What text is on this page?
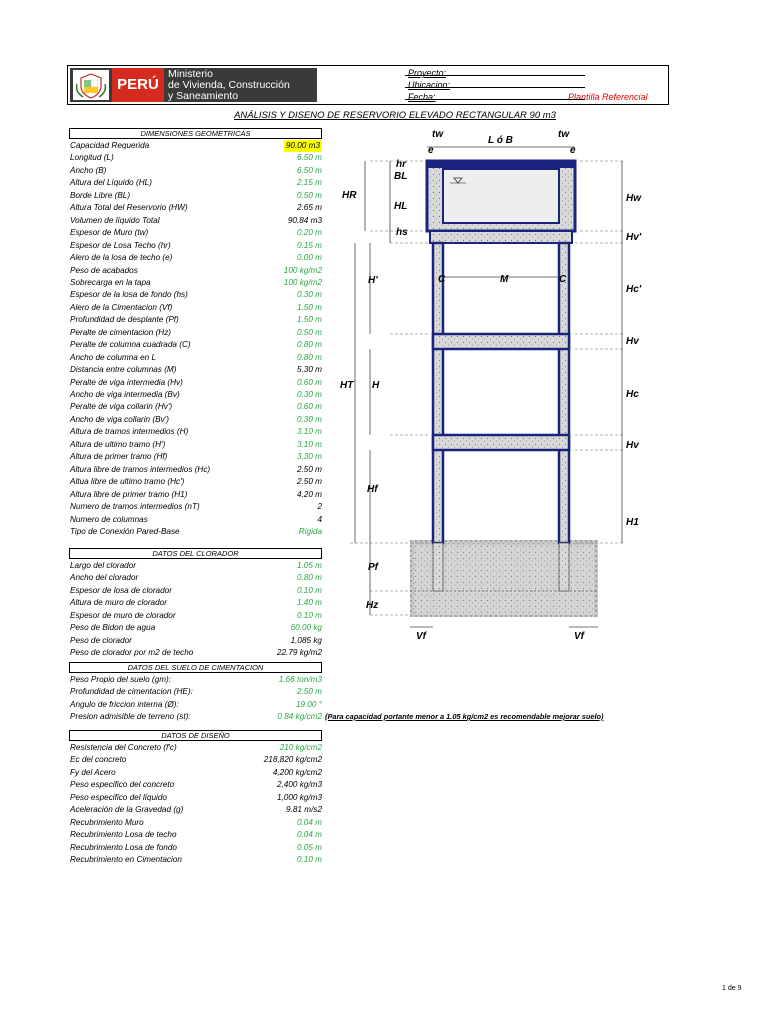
PERÚ
Ministerio
de Vivienda, Construcción
y Saneamiento
Proyecto:
Ubicacion:
Fecha:	Plantilla Referencial
ANÁLISIS Y DISENO DE RESERVORIO ELEVADO RECTANGULAR 90 m3
DIMENSIONES GEOMETRICAS
Capacidad Requerida	90.00 m3
Longitud (L)	6.50 m
Ancho (B)	6.50 m
Altura del Líquido (HL)	2.15 m
Borde Libre (BL)	0.50 m
Altura Total del Reservorio (HW)	2.65 m
Volumen de líquido Total	90.84 m3
Espesor de Muro (tw)	0.20 m
Espesor de Losa Techo (hr)	0.15 m
Alero de la losa de techo (e)	0.00 m
Peso de acabados	100 kg/m2
Sobrecarga en la tapa	100 kg/m2
Espesor de la losa de fondo (hs)	0.30 m
Alero de la Cimentacion (Vf)	1.50 m
Profundidad de desplante (Pf)	1.50 m
Peralte de cimentacion (Hz)	0.50 m
Peralte de columna cuadrada (C)	0.80 m
Ancho de columna en L	0.80 m
Distancia entre columnas (M)	5.30 m
Peralte de viga intermedia (Hv)	0.60 m
Ancho de viga intermedia (Bv)	0.30 m
Peralte de viga collarin (Hv')	0.60 m
Ancho de viga collarin (Bv')	0.30 m
Altura de tramos intermedios (H)	3.10 m
Altura de ultimo tramo (H')	3.10 m
Altura de primer tramo (Hf)	3.30 m
Altura libre de tramos intermedios (Hc)	2.50 m
Altua libre de ultimo tramo (Hc')	2.50 m
Altura libre de primer tramo (H1)	4.20 m
Numero de tramos intermedios (nT)	2
Numero de columnas	4
Tipo de Conexión Pared-Base	Rigida
DATOS DEL CLORADOR
Largo del clorador	1.05 m
Ancho del clorador	0.80 m
Espesor de losa de clorador	0.10 m
Altura de muro de clorador	1.40 m
Espesor de muro de clorador	0.10 m
Peso de Bidon de agua	60.00 kg
Peso de clorador	1,085 kg
Peso de clorador por m2 de techo	22.79 kg/m2
DATOS DEL SUELO DE CIMENTACION
Peso Propio del suelo (gm):	1.66 ton/m3
Profundidad de cimentacion (HE):	2.50 m
Angulo de friccion interna (Ø):	19.00 °
Presion admisible de terreno (st):	0.84 kg/cm2
DATOS DE DISEÑO
Resistencia del Concreto (f'c)	210 kg/cm2
Ec del concreto	218,820 kg/cm2
Fy del Acero	4,200 kg/cm2
Peso especifico del concreto	2,400 kg/m3
Peso especifico del líquido	1,000 kg/m3
Aceleración de la Gravedad (g)	9.81 m/s2
Recubrimiento Muro	0.04 m
Recubrimiento Losa de techo	0.04 m
Recubrimiento Losa de fondo	0.05 m
Recubrimiento en Cimentacion	0.10 m
(Para capacidad portante menor a 1.05 kg/cm2 es recomendable mejorar suelo)
tw
L ó B
tw
e	e
hr
BL
HR
HL
hs
Hw
Hv'
H'	C	M	C
Hc'
Hv
HT H
Hc
Hv
Hf
H1
Pf
Hz
Vf	Vf
1 de 9
